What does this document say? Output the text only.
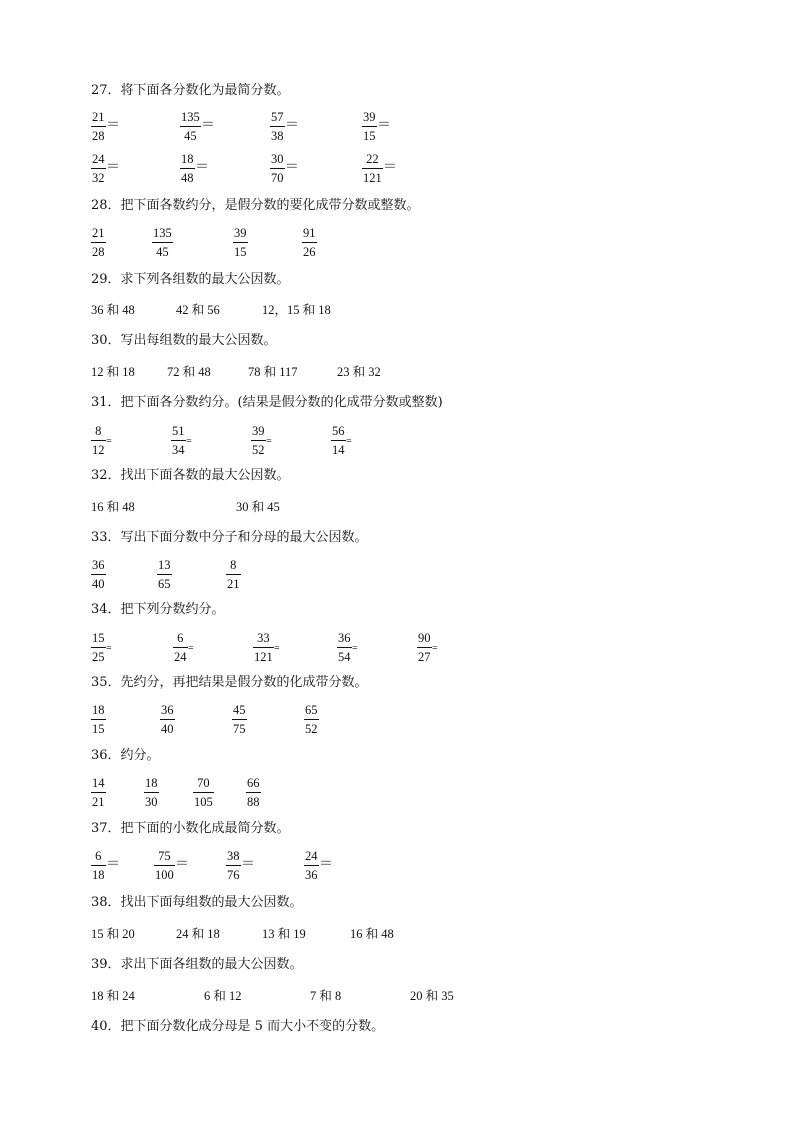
27．将下面各分数化为最简分数。
21
28
＝
135
45
＝
57
38
＝
39
15
＝
24
32
＝
18
48
＝
30
70
＝
22
121
＝
28．把下面各数约分，是假分数的要化成带分数或整数。
21
28
135
45
39
15
91
26
29．求下列各组数的最大公因数。
36 和 48	42 和 56	12，15 和 18
30．写出每组数的最大公因数。
12 和 18	72 和 48	78 和 117	23 和 32
31．把下面各分数约分。(结果是假分数的化成带分数或整数)
8
12
=
51
34
=
39
52
=
56
14
=
32．找出下面各数的最大公因数。
16 和 48	30 和 45
33．写出下面分数中分子和分母的最大公因数。
36
40
13
65
8
21
34．把下列分数约分。
15
25
=
6
24
=
33
121
=
36
54
=
90
27
=
35．先约分，再把结果是假分数的化成带分数。
18
15
36
40
45
75
65
52
36．约分。
14
21
18
30
70
105
66
88
37．把下面的小数化成最简分数。
6
18
＝
75
100
＝
38
76
＝
24
36
＝
38．找出下面每组数的最大公因数。
15 和 20	24 和 18	13 和 19	16 和 48
39．求出下面各组数的最大公因数。
18 和 24	6 和 12	7 和 8	20 和 35
40．把下面分数化成分母是 5 而大小不变的分数。
